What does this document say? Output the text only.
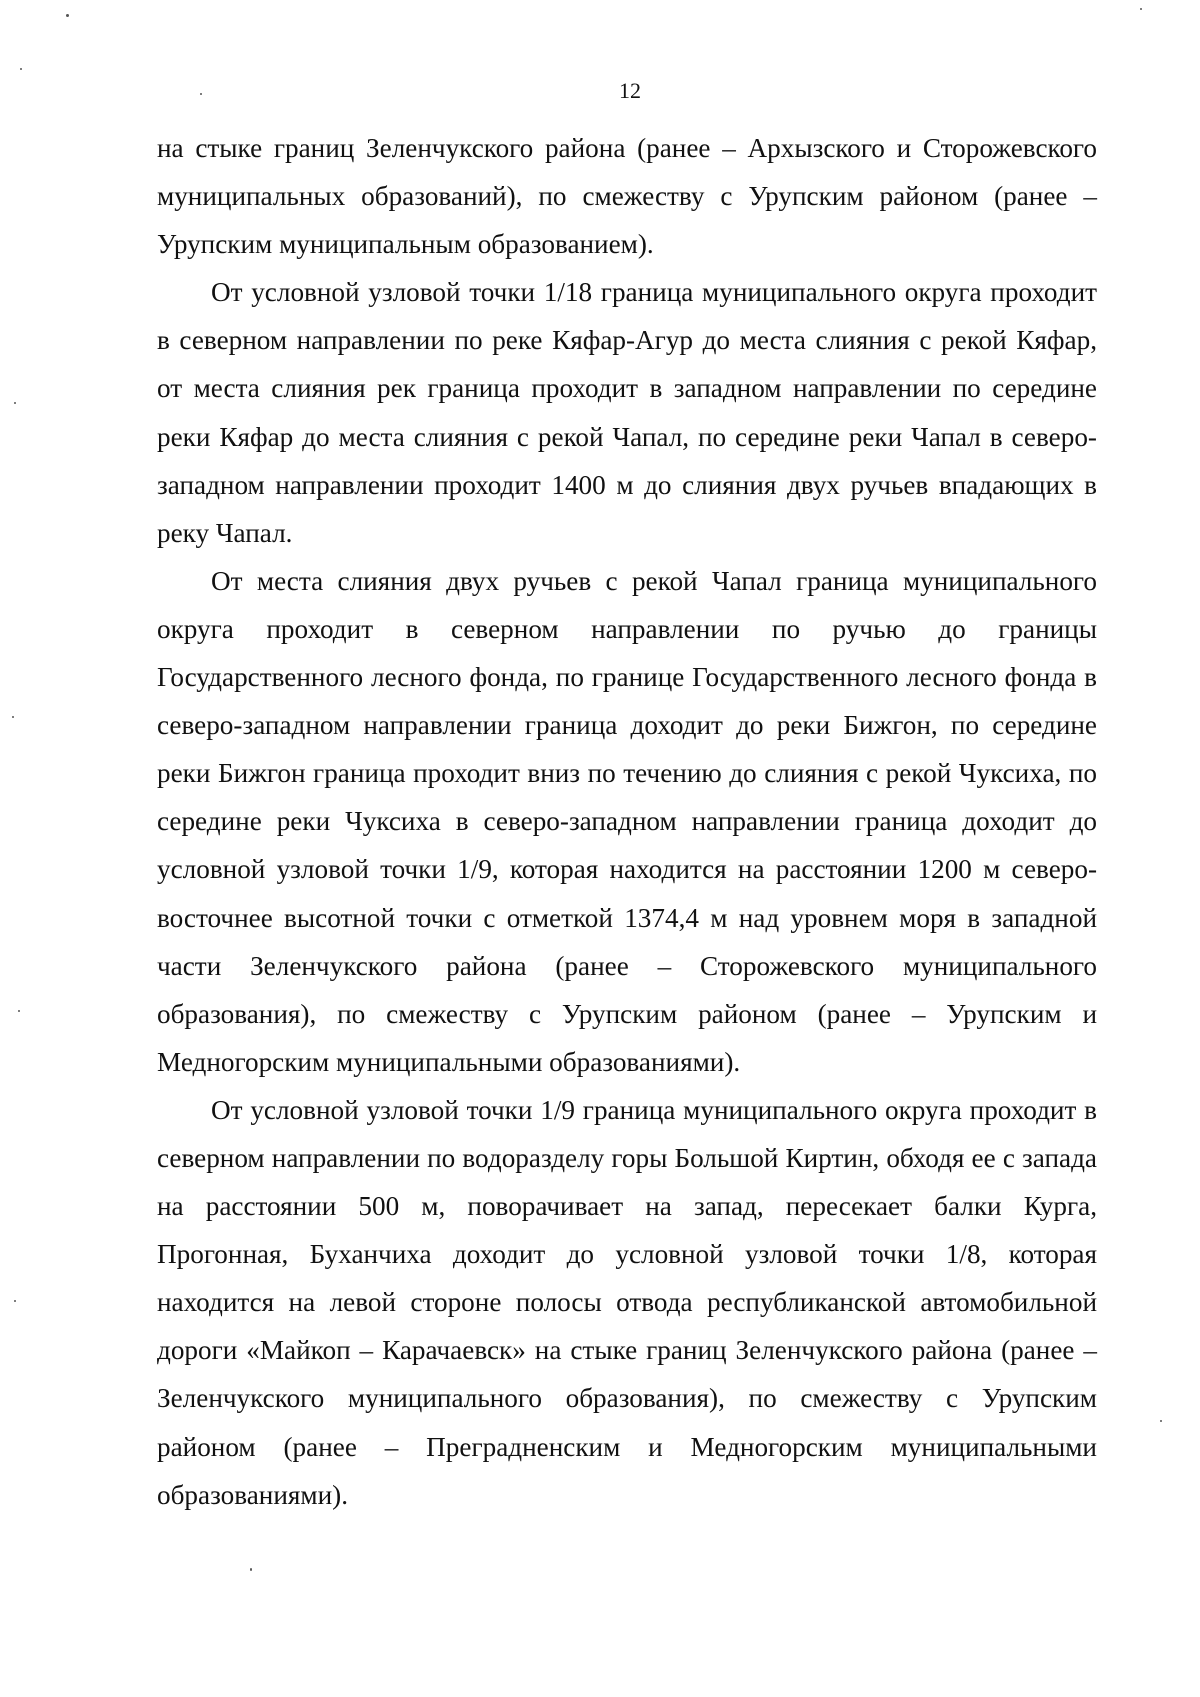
12

на стыке границ Зеленчукского района (ранее – Архызского и Сторожевского муниципальных образований), по смежеству с Урупским районом (ранее – Урупским муниципальным образованием).

От условной узловой точки 1/18 граница муниципального округа проходит в северном направлении по реке Кяфар-Агур до места слияния с рекой Кяфар, от места слияния рек граница проходит в западном направлении по середине реки Кяфар до места слияния с рекой Чапал, по середине реки Чапал в северо-западном направлении проходит 1400 м до слияния двух ручьев впадающих в реку Чапал.

От места слияния двух ручьев с рекой Чапал граница муниципального округа проходит в северном направлении по ручью до границы Государственного лесного фонда, по границе Государственного лесного фонда в северо-западном направлении граница доходит до реки Бижгон, по середине реки Бижгон граница проходит вниз по течению до слияния с рекой Чуксиха, по середине реки Чуксиха в северо-западном направлении граница доходит до условной узловой точки 1/9, которая находится на расстоянии 1200 м северо-восточнее высотной точки с отметкой 1374,4 м над уровнем моря в западной части Зеленчукского района (ранее – Сторожевского муниципального образования), по смежеству с Урупским районом (ранее – Урупским и Медногорским муниципальными образованиями).

От условной узловой точки 1/9 граница муниципального округа проходит в северном направлении по водоразделу горы Большой Киртин, обходя ее с запада на расстоянии 500 м, поворачивает на запад, пересекает балки Курга, Прогонная, Буханчиха доходит до условной узловой точки 1/8, которая находится на левой стороне полосы отвода республиканской автомобильной дороги «Майкоп – Карачаевск» на стыке границ Зеленчукского района (ранее – Зеленчукского муниципального образования), по смежеству с Урупским районом (ранее – Преградненским и Медногорским муниципальными образованиями).
